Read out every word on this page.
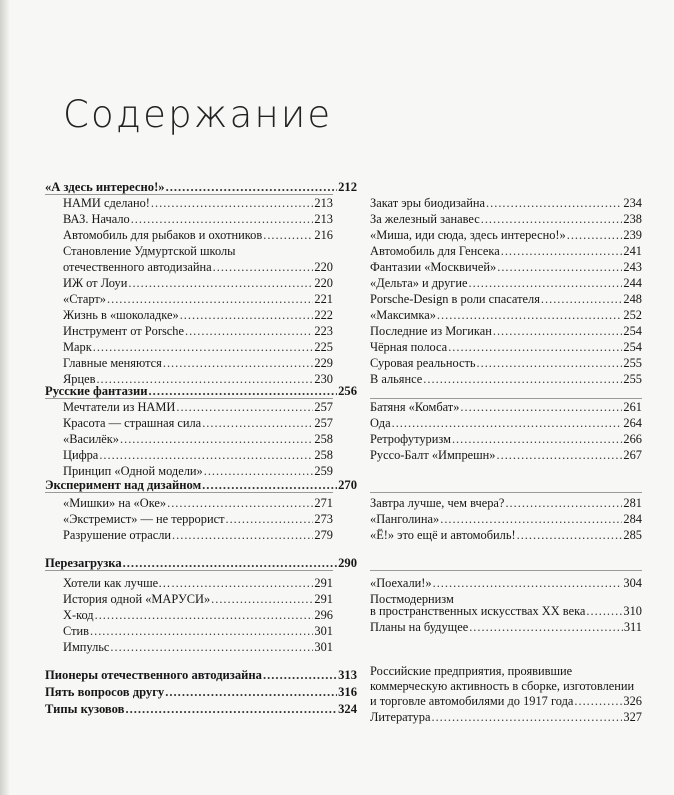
Содержание
«А здесь интересно!» .....	212
НАМИ сделано! .....	213
ВАЗ. Начало .....	213
Автомобиль для рыбаков и охотников .....	216
Становление Удмуртской школы
отечественного автодизайна .....	220
ИЖ от Лоуи .....	220
«Старт» .....	221
Жизнь в «шоколадке» .....	222
Инструмент от Porsche .....	223
Марк .....	225
Главные меняются .....	229
Ярцев .....	230
Русские фантазии .....	256
Мечтатели из НАМИ .....	257
Красота — страшная сила .....	257
«Василёк» .....	258
Цифра .....	258
Принцип «Одной модели» .....	259
Эксперимент над дизайном .....	270
«Мишки» на «Оке» .....	271
«Экстремист» — не террорист .....	273
Разрушение отрасли .....	279
Перезагрузка .....	290
Хотели как лучше… .....	291
История одной «МАРУСИ» .....	291
Х-код .....	296
Стив .....	301
Импульс .....	301
Пионеры отечественного автодизайна .....	313
Пять вопросов другу .....	316
Типы кузовов .....	324
Закат эры биодизайна .....	234
За железный занавес .....	238
«Миша, иди сюда, здесь интересно!» .....	239
Автомобиль для Генсека .....	241
Фантазии «Москвичей» .....	243
«Дельта» и другие .....	244
Porsche-Design в роли спасателя .....	248
«Максимка» .....	252
Последние из Могикан .....	254
Чёрная полоса .....	254
Суровая реальность .....	255
В альянсе .....	255
Батяня «Комбат» .....	261
Ода .....	264
Ретрофутуризм .....	266
Руссо-Балт «Импрешн» .....	267
Завтра лучше, чем вчера? .....	281
«Панголина» .....	284
«Ё!» это ещё и автомобиль! .....	285
«Поехали!» .....	304
Постмодернизм
в пространственных искусствах XX века .....	310
Планы на будущее .....	311
Российские предприятия, проявившие
коммерческую активность в сборке, изготовлении
и торговле автомобилями до 1917 года .....	326
Литература .....	327
